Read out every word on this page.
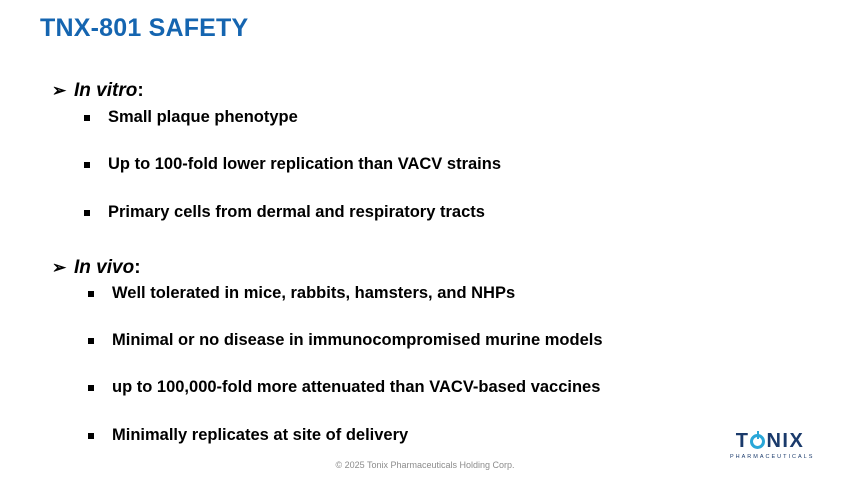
TNX-801 SAFETY
➢ In vitro :
Small plaque phenotype
Up to 100-fold lower replication than VACV strains
Primary cells from dermal and respiratory tracts
➢ In vivo :
Well tolerated in mice, rabbits, hamsters, and NHPs
Minimal or no disease in immunocompromised murine models
up to 100,000-fold more attenuated than VACV-based vaccines
Minimally replicates at site of delivery	T NIX
PHARMACEUTICALS
© 2025 Tonix Pharmaceuticals Holding Corp.
